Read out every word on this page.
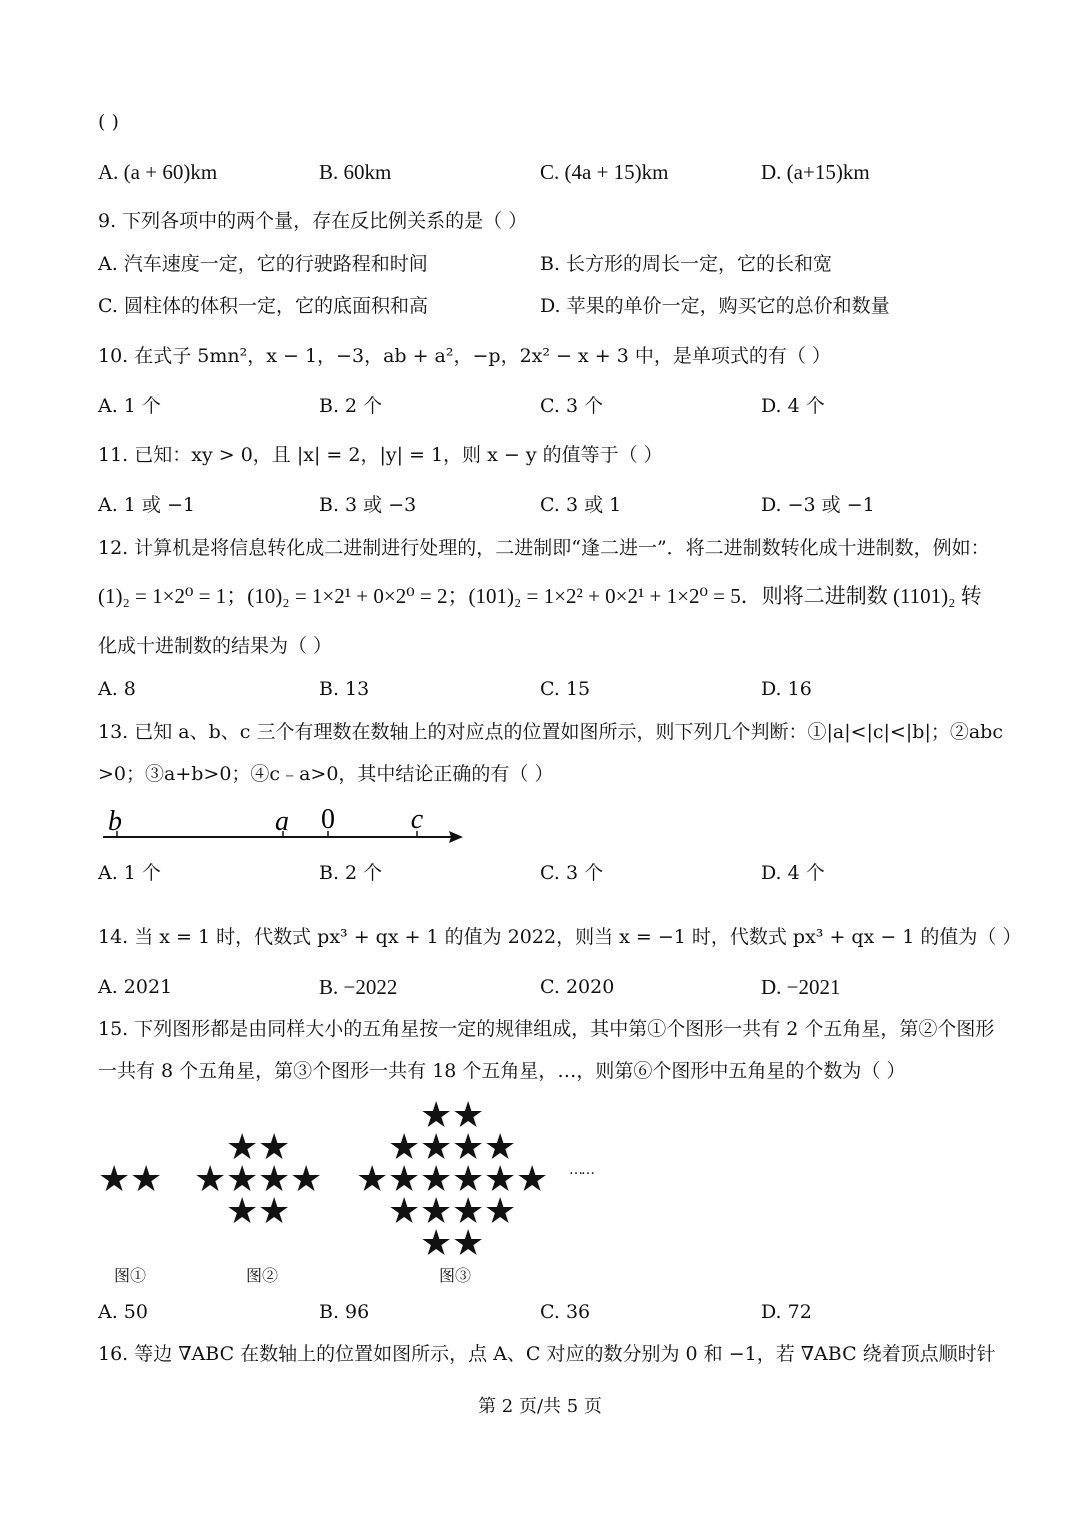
( )
A. (a + 60)km	B. 60km	C. (4a + 15)km	D. (a+15)km
9. 下列各项中的两个量，存在反比例关系的是（ ）
A. 汽车速度一定，它的行驶路程和时间	B. 长方形的周长一定，它的长和宽
C. 圆柱体的体积一定，它的底面积和高	D. 苹果的单价一定，购买它的总价和数量
10. 在式子 5mn²，x − 1，−3，ab + a²，−p，2x² − x + 3 中，是单项式的有（ ）
A. 1 个	B. 2 个	C. 3 个	D. 4 个
11. 已知：xy > 0，且 |x| = 2，|y| = 1，则 x − y 的值等于（ ）
A. 1 或 −1	B. 3 或 −3	C. 3 或 1	D. −3 或 −1
12. 计算机是将信息转化成二进制进行处理的，二进制即“逢二进一”．将二进制数转化成十进制数，例如：
(1)₂ = 1×2⁰ = 1；(10)₂ = 1×2¹ + 0×2⁰ = 2；(101)₂ = 1×2² + 0×2¹ + 1×2⁰ = 5．则将二进制数 (1101)₂ 转
化成十进制数的结果为（ ）
A. 8	B. 13	C. 15	D. 16
13. 已知 a、b、c 三个有理数在数轴上的对应点的位置如图所示，则下列几个判断：①|a|<|c|<|b|；②abc
>0；③a+b>0；④c﹣a>0，其中结论正确的有（ ）
b	a 0	c
A. 1 个	B. 2 个	C. 3 个	D. 4 个
14. 当 x = 1 时，代数式 px³ + qx + 1 的值为 2022，则当 x = −1 时，代数式 px³ + qx − 1 的值为（ ）
A. 2021	B. −2022	C. 2020	D. −2021
15. 下列图形都是由同样大小的五角星按一定的规律组成，其中第①个图形一共有 2 个五角星，第②个图形
一共有 8 个五角星，第③个图形一共有 18 个五角星，…，则第⑥个图形中五角星的个数为（ ）
★ ★
★ ★
★ ★ ★ ★
★ ★
★ ★
★ ★ ★ ★
★ ★ ★ ★ ★ ★
★ ★ ★ ★
★ ★
……
图①	图②	图③
A. 50	B. 96	C. 36	D. 72
16. 等边 ∇ABC 在数轴上的位置如图所示，点 A、C 对应的数分别为 0 和 −1，若 ∇ABC 绕着顶点顺时针
第 2 页/共 5 页
